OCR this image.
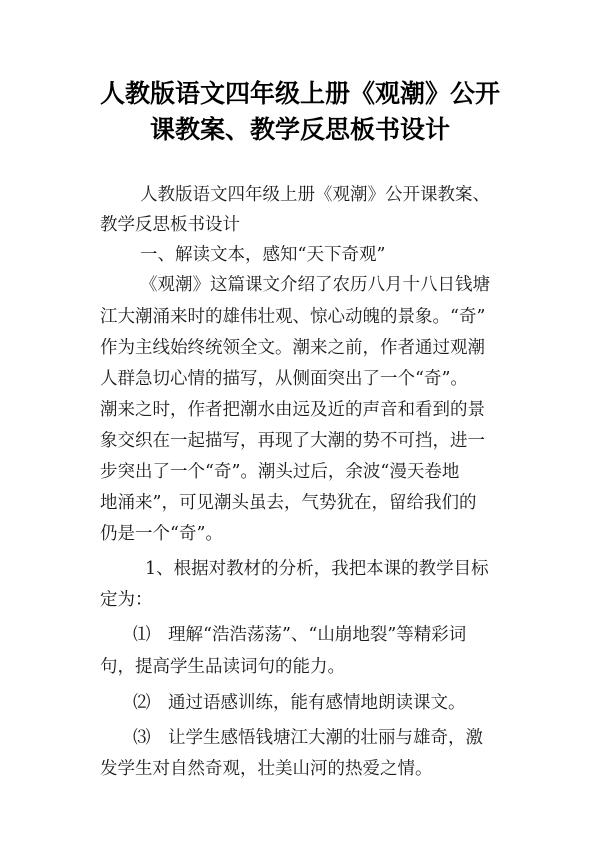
人教版语文四年级上册《观潮》公开
课教案、教学反思板书设计
人教版语文四年级上册《观潮》公开课教案、
教学反思板书设计
一、解读文本，感知“天下奇观”
《观潮》这篇课文介绍了农历八月十八日钱塘
江大潮涌来时的雄伟壮观、惊心动魄的景象。“奇”
作为主线始终统领全文。潮来之前，作者通过观潮
人群急切心情的描写，从侧面突出了一个“奇”。
潮来之时，作者把潮水由远及近的声音和看到的景
象交织在一起描写，再现了大潮的势不可挡，进一
步突出了一个“奇”。潮头过后，余波“漫天卷地
地涌来”，可见潮头虽去，气势犹在，留给我们的
仍是一个“奇”。
1、根据对教材的分析，我把本课的教学目标
定为：
⑴　理解“浩浩荡荡”、“山崩地裂”等精彩词
句，提高学生品读词句的能力。
⑵　通过语感训练，能有感情地朗读课文。
⑶　让学生感悟钱塘江大潮的壮丽与雄奇，激
发学生对自然奇观，壮美山河的热爱之情。
